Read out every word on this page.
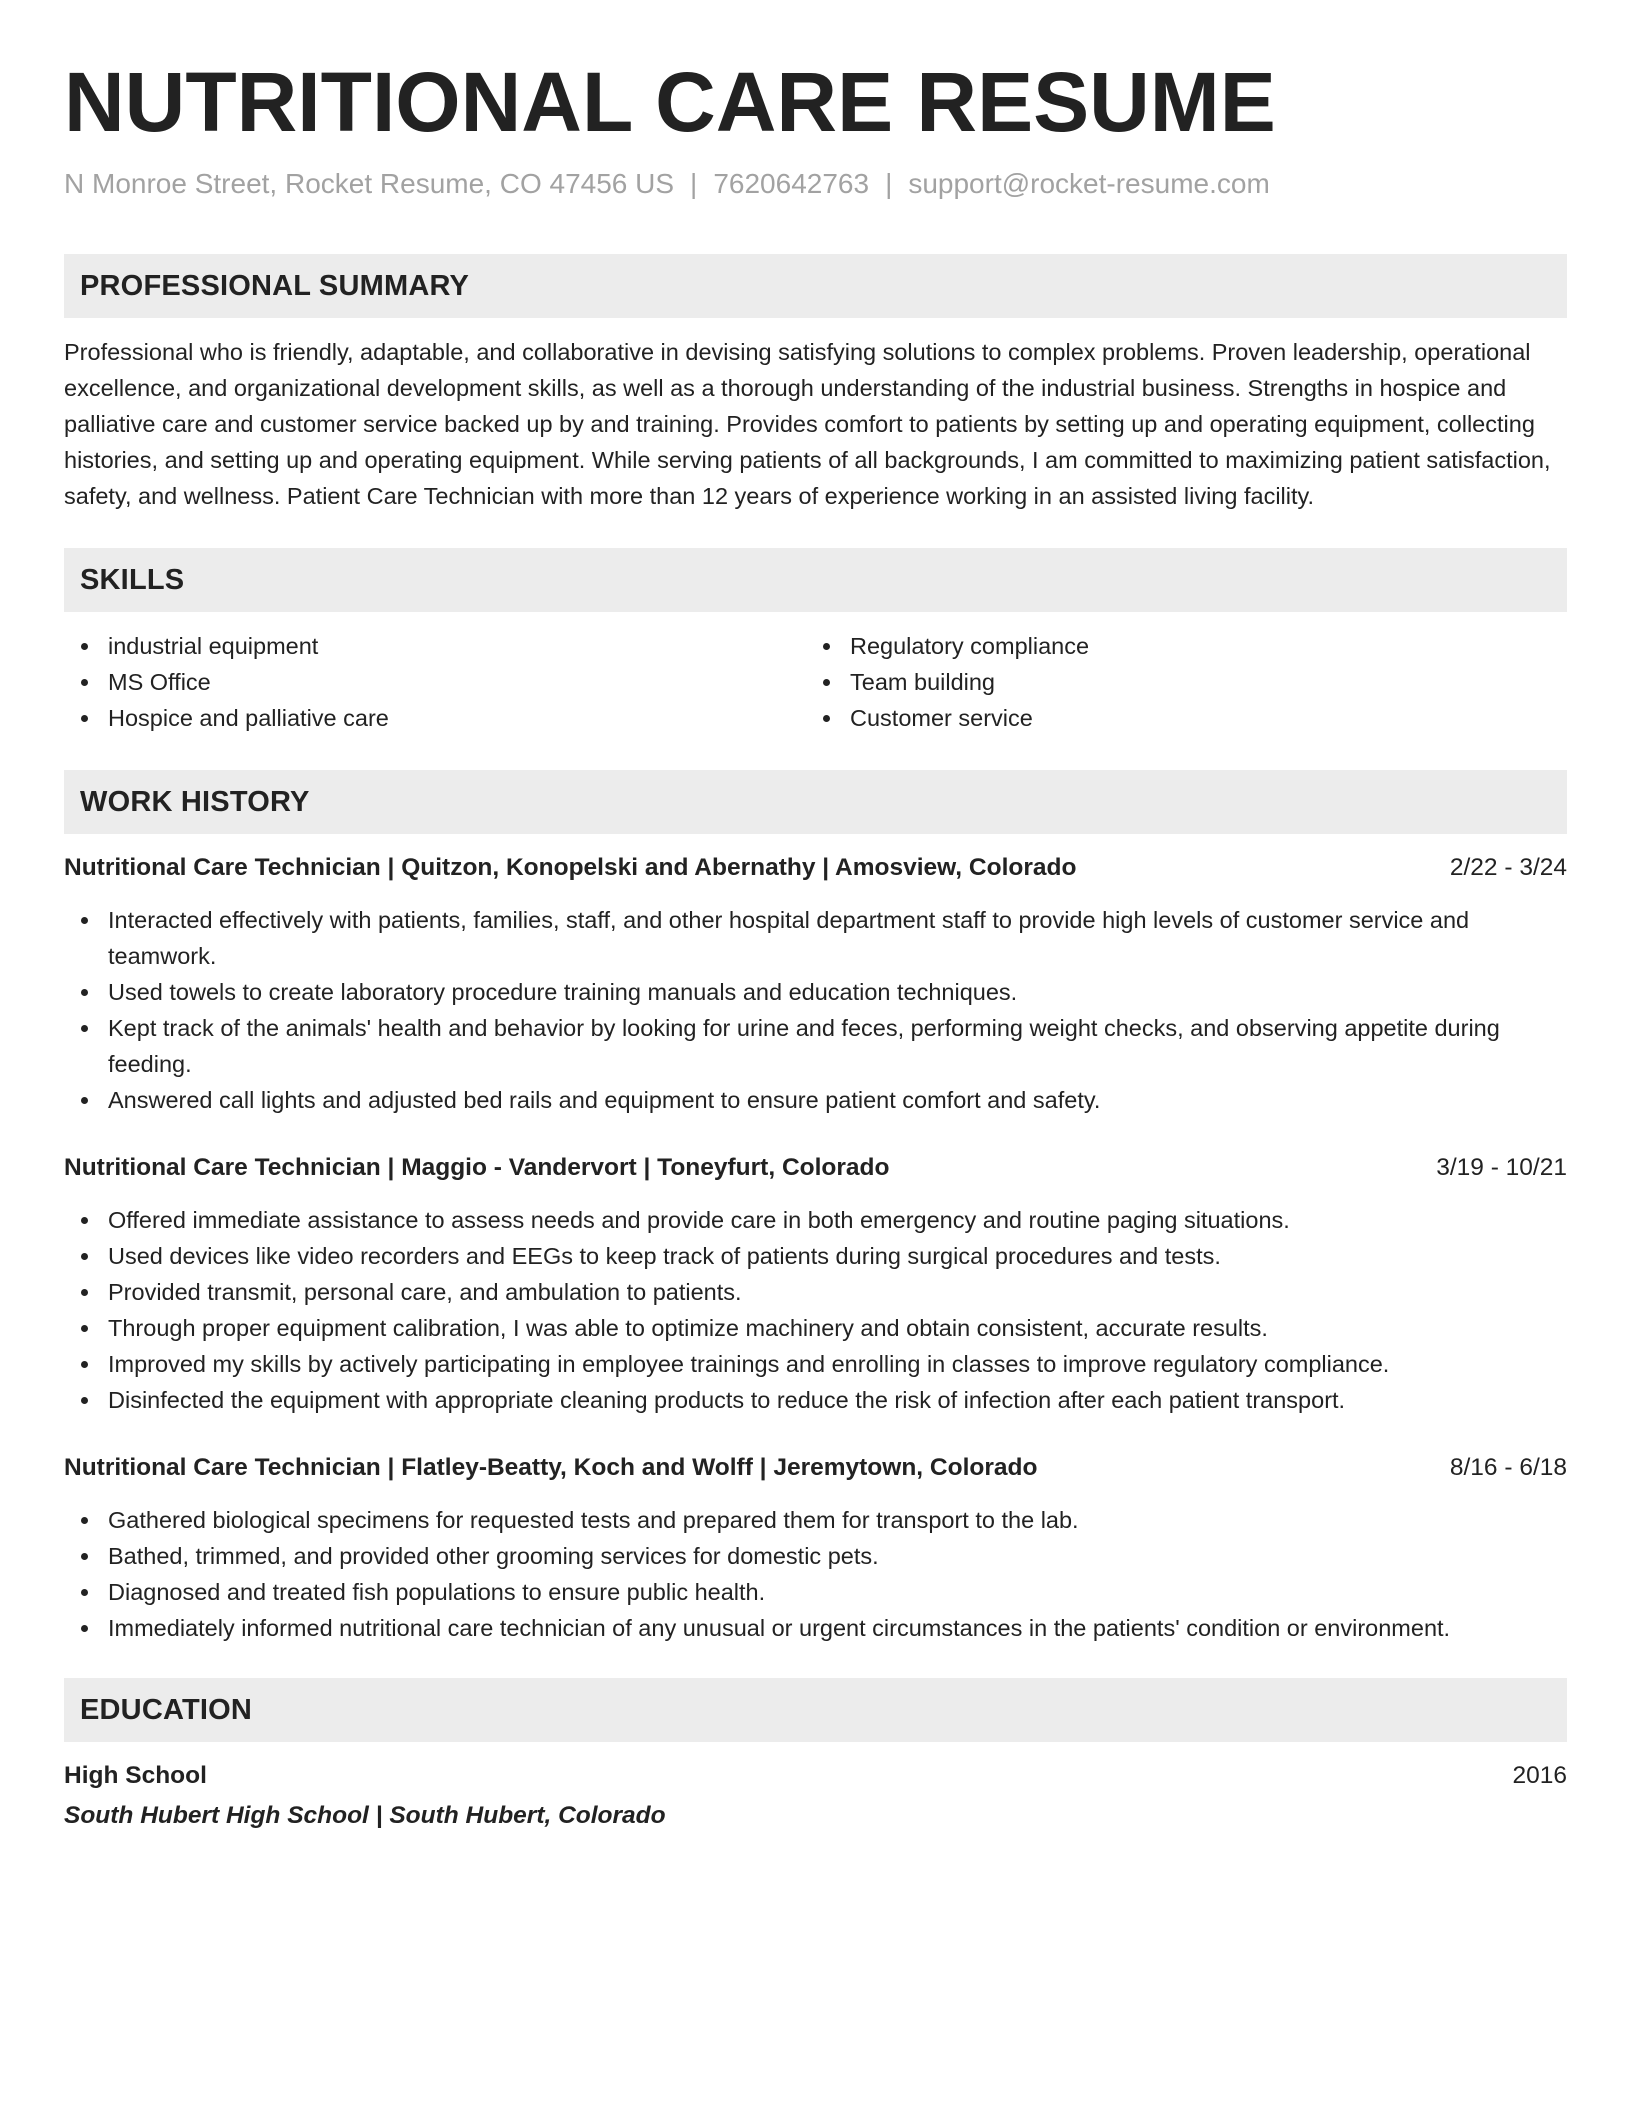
NUTRITIONAL CARE RESUME
N Monroe Street, Rocket Resume, CO 47456 US | 7620642763 | support@rocket-resume.com
PROFESSIONAL SUMMARY

Professional who is friendly, adaptable, and collaborative in devising satisfying solutions to complex problems. Proven leadership, operational excellence, and organizational development skills, as well as a thorough understanding of the industrial business. Strengths in hospice and palliative care and customer service backed up by and training. Provides comfort to patients by setting up and operating equipment, collecting histories, and setting up and operating equipment. While serving patients of all backgrounds, I am committed to maximizing patient satisfaction, safety, and wellness. Patient Care Technician with more than 12 years of experience working in an assisted living facility.

SKILLS
industrial equipment
MS Office
Hospice and palliative care
Regulatory compliance
Team building
Customer service
WORK HISTORY
Nutritional Care Technician | Quitzon, Konopelski and Abernathy | Amosview, Colorado	2/22 - 3/24
Interacted effectively with patients, families, staff, and other hospital department staff to provide high levels of customer service and teamwork.
Used towels to create laboratory procedure training manuals and education techniques.
Kept track of the animals' health and behavior by looking for urine and feces, performing weight checks, and observing appetite during feeding.
Answered call lights and adjusted bed rails and equipment to ensure patient comfort and safety.
Nutritional Care Technician | Maggio - Vandervort | Toneyfurt, Colorado	3/19 - 10/21
Offered immediate assistance to assess needs and provide care in both emergency and routine paging situations.
Used devices like video recorders and EEGs to keep track of patients during surgical procedures and tests.
Provided transmit, personal care, and ambulation to patients.
Through proper equipment calibration, I was able to optimize machinery and obtain consistent, accurate results.
Improved my skills by actively participating in employee trainings and enrolling in classes to improve regulatory compliance.
Disinfected the equipment with appropriate cleaning products to reduce the risk of infection after each patient transport.
Nutritional Care Technician | Flatley-Beatty, Koch and Wolff | Jeremytown, Colorado	8/16 - 6/18
Gathered biological specimens for requested tests and prepared them for transport to the lab.
Bathed, trimmed, and provided other grooming services for domestic pets.
Diagnosed and treated fish populations to ensure public health.
Immediately informed nutritional care technician of any unusual or urgent circumstances in the patients' condition or environment.
EDUCATION
High School	2016
South Hubert High School | South Hubert, Colorado
